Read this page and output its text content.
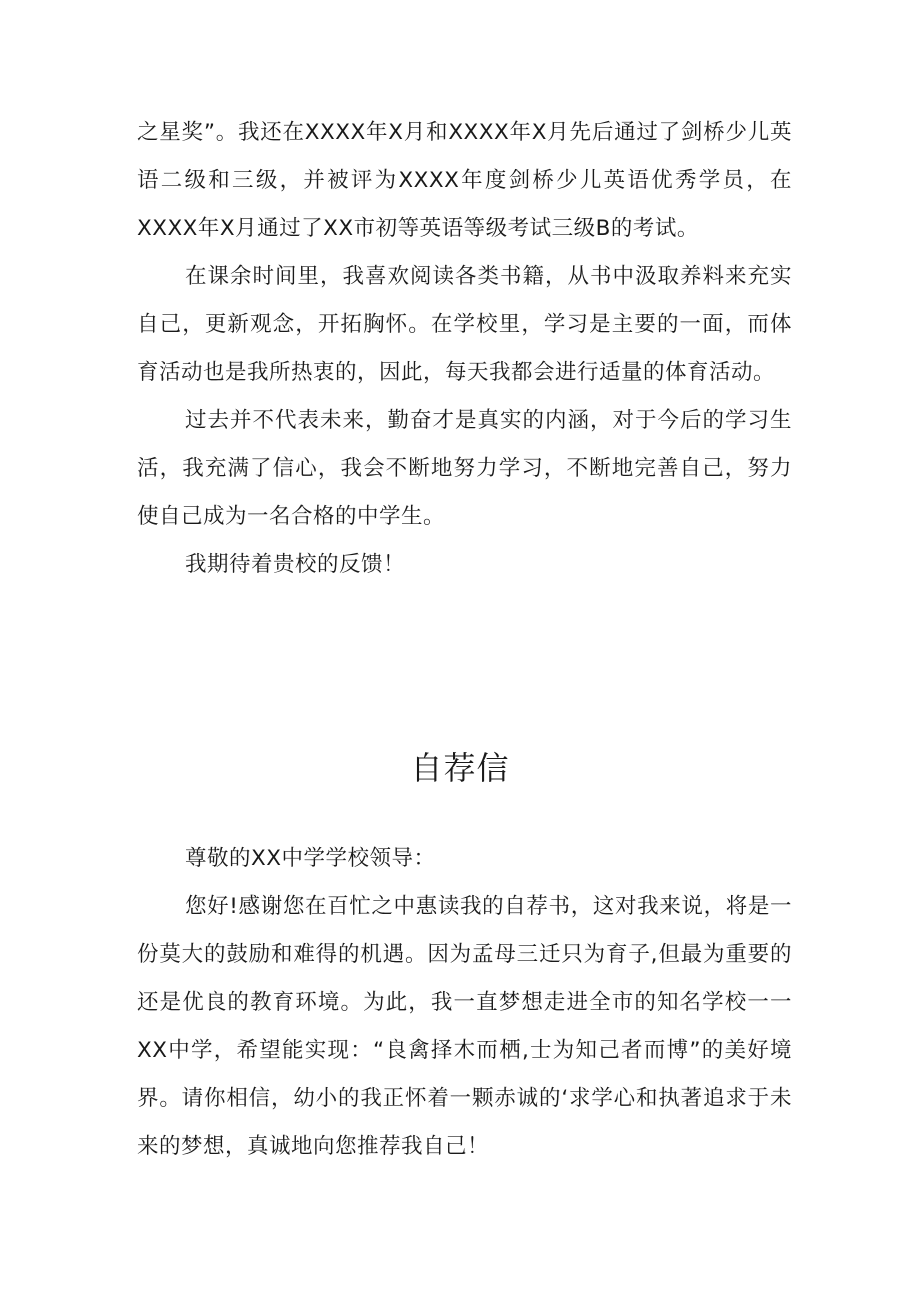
之星奖”。我还在XXXX年X月和XXXX年X月先后通过了剑桥少儿英语二级和三级，并被评为XXXX年度剑桥少儿英语优秀学员，在XXXX年X月通过了XX市初等英语等级考试三级B的考试。

在课余时间里，我喜欢阅读各类书籍，从书中汲取养料来充实自己，更新观念，开拓胸怀。在学校里，学习是主要的一面，而体育活动也是我所热衷的，因此，每天我都会进行适量的体育活动。

过去并不代表未来，勤奋才是真实的内涵，对于今后的学习生活，我充满了信心，我会不断地努力学习，不断地完善自己，努力使自己成为一名合格的中学生。

我期待着贵校的反馈！

自荐信

尊敬的XX中学学校领导：

您好!感谢您在百忙之中惠读我的自荐书，这对我来说，将是一份莫大的鼓励和难得的机遇。因为孟母三迁只为育子,但最为重要的还是优良的教育环境。为此，我一直梦想走进全市的知名学校一一XX中学，希望能实现：“良禽择木而栖,士为知己者而博”的美好境界。请你相信，幼小的我正怀着一颗赤诚的‘求学心和执著追求于未来的梦想，真诚地向您推荐我自己！
